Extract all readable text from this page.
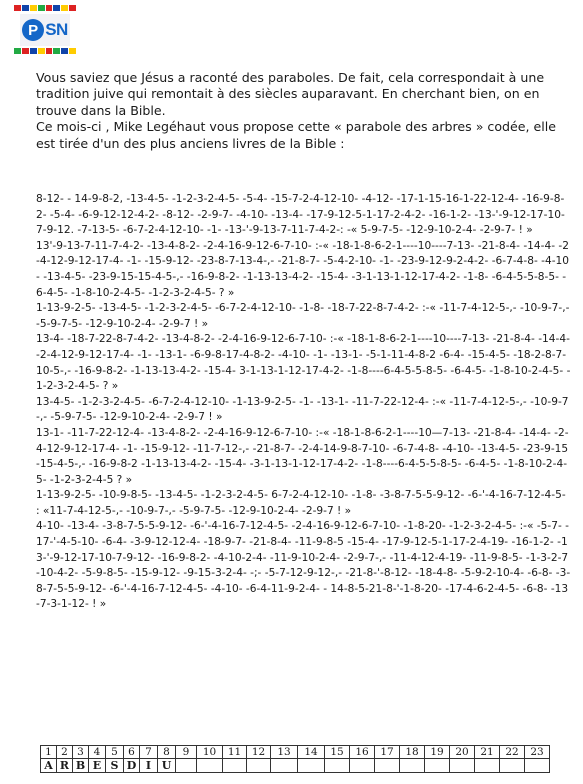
P SN

Vous saviez que Jésus a raconté des paraboles. De fait, cela correspondait à une tradition juive qui remontait à des siècles auparavant. En cherchant bien, on en trouve dans la Bible.

Ce mois-ci , Mike Legéhaut vous propose cette « parabole des arbres » codée, elle est tirée d'un des plus anciens livres de la Bible :

8-12- - 14-9-8-2, -13-4-5- -1-2-3-2-4-5- -5-4- -15-7-2-4-12-10- -4-12- -17-1-15-16-1-22-12-4- -16-9-8-2- -5-4- -6-9-12-12-4-2- -8-12- -2-9-7- -4-10- -13-4- -17-9-12-5-1-17-2-4-2- -16-1-2- -13-'-9-12-17-10-7-9-12. -7-13-5- -6-7-2-4-12-10- -1- -13-'-9-13-7-11-7-4-2-: -« 5-9-7-5- -12-9-10-2-4- -2-9-7- ! »

13'-9-13-7-11-7-4-2- -13-4-8-2- -2-4-16-9-12-6-7-10- :-« -18-1-8-6-2-1----10----7-13- -21-8-4- -14-4- -2-4-12-9-12-17-4- -1- -15-9-12- -23-8-7-13-4-,- -21-8-7- -5-4-2-10- -1- -23-9-12-9-2-4-2- -6-7-4-8- -4-10- -13-4-5- -23-9-15-15-4-5-,- -16-9-8-2- -1-13-13-4-2- -15-4- -3-1-13-1-12-17-4-2- -1-8- -6-4-5-5-8-5- -6-4-5- -1-8-10-2-4-5- -1-2-3-2-4-5- ? »

1-13-9-2-5- -13-4-5- -1-2-3-2-4-5- -6-7-2-4-12-10- -1-8- -18-7-22-8-7-4-2- :-« -11-7-4-12-5-,- -10-9-7-,- -5-9-7-5- -12-9-10-2-4- -2-9-7 ! »

13-4- -18-7-22-8-7-4-2- -13-4-8-2- -2-4-16-9-12-6-7-10- :-« -18-1-8-6-2-1----10----7-13- -21-8-4- -14-4- -2-4-12-9-12-17-4- -1- -13-1- -6-9-8-17-4-8-2- -4-10- -1- -13-1- -5-1-11-4-8-2 -6-4- -15-4-5- -18-2-8-7-10-5-,- -16-9-8-2- -1-13-13-4-2- -15-4- 3-1-13-1-12-17-4-2- -1-8----6-4-5-5-8-5- -6-4-5- -1-8-10-2-4-5- -1-2-3-2-4-5- ? »

13-4-5- -1-2-3-2-4-5- -6-7-2-4-12-10- -1-13-9-2-5- -1- -13-1- -11-7-22-12-4- :-« -11-7-4-12-5-,- -10-9-7-,- -5-9-7-5- -12-9-10-2-4- -2-9-7 ! »

13-1- -11-7-22-12-4- -13-4-8-2- -2-4-16-9-12-6-7-10- :-« -18-1-8-6-2-1----10—7-13- -21-8-4- -14-4- -2-4-12-9-12-17-4- -1- -15-9-12- -11-7-12-,- -21-8-7- -2-4-14-9-8-7-10- -6-7-4-8- -4-10- -13-4-5- -23-9-15-15-4-5-,- -16-9-8-2 -1-13-13-4-2- -15-4- -3-1-13-1-12-17-4-2- -1-8----6-4-5-5-8-5- -6-4-5- -1-8-10-2-4-5- -1-2-3-2-4-5 ? »

1-13-9-2-5- -10-9-8-5- -13-4-5- -1-2-3-2-4-5- 6-7-2-4-12-10- -1-8- -3-8-7-5-5-9-12- -6-'-4-16-7-12-4-5- : «11-7-4-12-5-,- -10-9-7-,- -5-9-7-5- -12-9-10-2-4- -2-9-7 ! »

4-10- -13-4- -3-8-7-5-5-9-12- -6-'-4-16-7-12-4-5- -2-4-16-9-12-6-7-10- -1-8-20- -1-2-3-2-4-5- :-« -5-7- -17-'-4-5-10- -6-4- -3-9-12-12-4- -18-9-7- -21-8-4- -11-9-8-5 -15-4- -17-9-12-5-1-17-2-4-19- -16-1-2- -13-'-9-12-17-10-7-9-12- -16-9-8-2- -4-10-2-4- -11-9-10-2-4- -2-9-7-,- -11-4-12-4-19- -11-9-8-5- -1-3-2-7-10-4-2- -5-9-8-5- -15-9-12- -9-15-3-2-4- -;- -5-7-12-9-12-,- -21-8-'-8-12- -18-4-8- -5-9-2-10-4- -6-8- -3-8-7-5-5-9-12- -6-'-4-16-7-12-4-5- -4-10- -6-4-11-9-2-4- - 14-8-5-21-8-'-1-8-20- -17-4-6-2-4-5- -6-8- -13-7-3-1-12- ! »

1	2	3	4	5	6	7	8	9	10	11	12	13	14	15	16	17	18	19	20	21	22	23
A	R	B	E	S	D	I	U															
